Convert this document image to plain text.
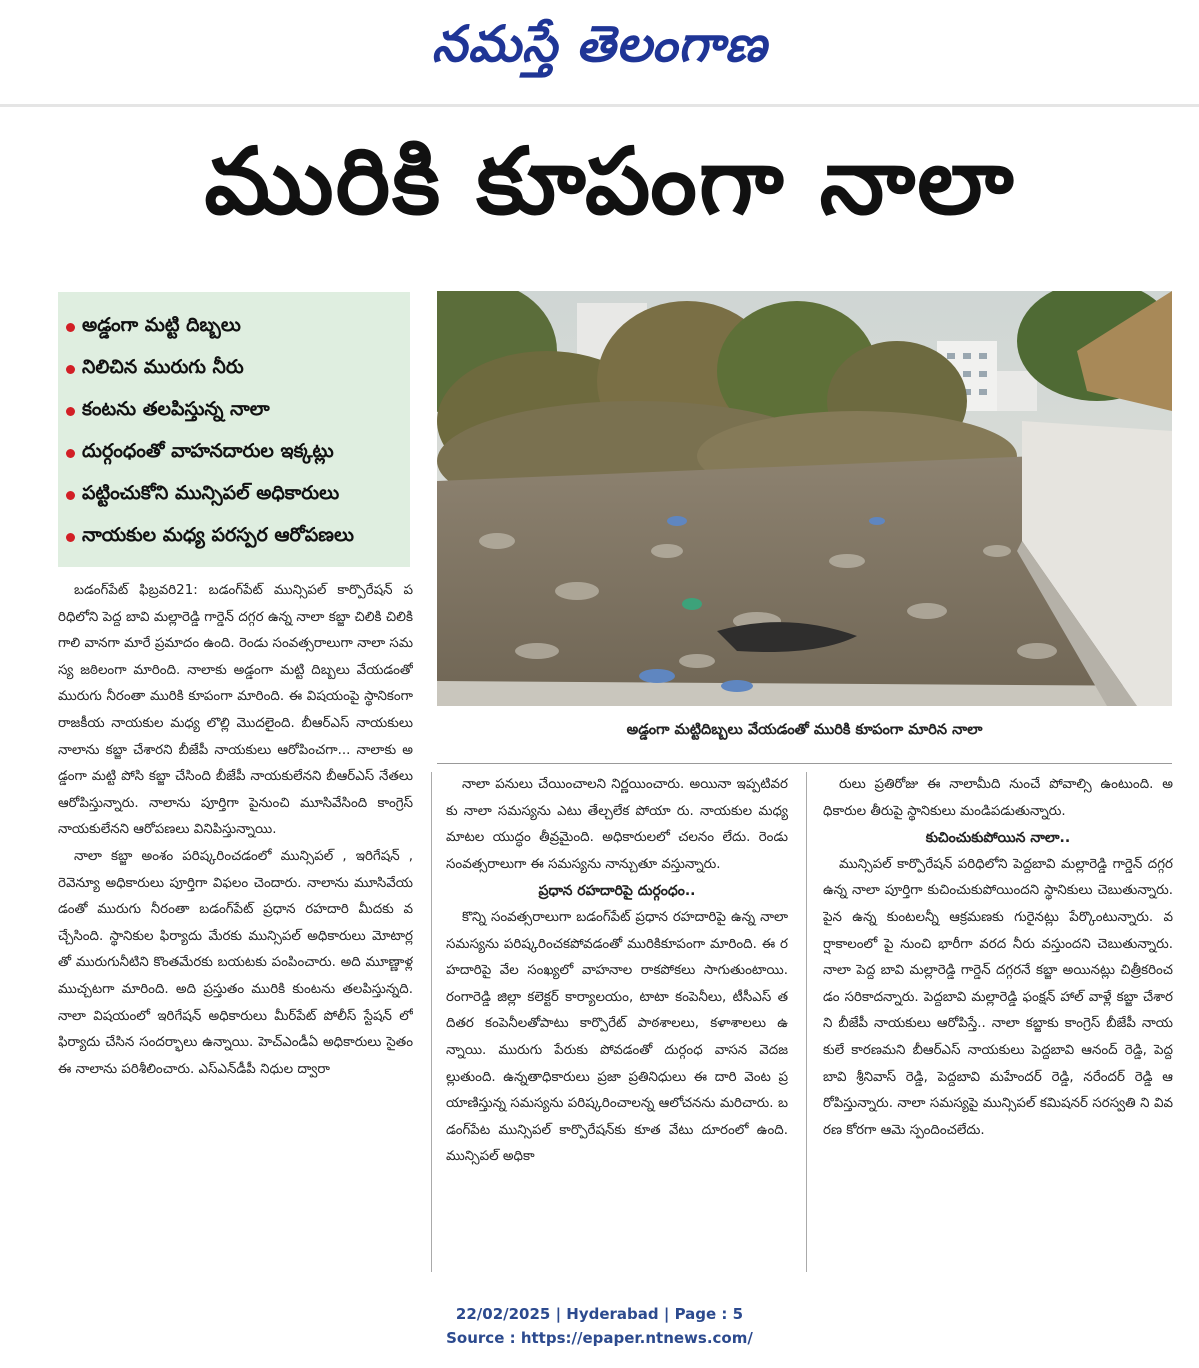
నమస్తే తెలంగాణ
మురికి కూపంగా నాలా
అడ్డంగా మట్టి దిబ్బలు
నిలిచిన మురుగు నీరు
కంటను తలపిస్తున్న నాలా
దుర్గంధంతో వాహనదారుల ఇక్కట్లు
పట్టించుకోని మున్సిపల్ అధికారులు
నాయకుల మధ్య పరస్పర ఆరోపణలు
అడ్డంగా మట్టిదిబ్బలు వేయడంతో మురికి కూపంగా మారిన నాలా

బడంగ్‌పేట్ ఫిబ్రవరి21: బడంగ్‌పేట్ మున్సిపల్ కార్పొరేషన్ పరిధిలోని పెద్ద బావి మల్లారెడ్డి గార్డెన్ దగ్గర ఉన్న నాలా కబ్జా చిలికి చిలికి గాలి వానగా మారే ప్రమాదం ఉంది. రెండు సంవత్సరాలుగా నాలా సమస్య జఠిలంగా మారింది. నాలాకు అడ్డంగా మట్టి దిబ్బలు వేయడంతో మురుగు నీరంతా మురికి కూపంగా మారింది. ఈ విషయంపై స్థానికంగా రాజకీయ నాయకుల మధ్య లొల్లి మొదలైంది. బీఆర్‌ఎస్ నాయకులు నాలాను కబ్జా చేశారని బీజేపీ నాయకులు ఆరోపించగా... నాలాకు అడ్డంగా మట్టి పోసి కబ్జా చేసింది బీజేపీ నాయకులేనని బీఆర్‌ఎస్ నేతలు ఆరోపిస్తున్నారు. నాలాను పూర్తిగా పైనుంచి మూసివేసింది కాంగ్రెస్ నాయకులేనని ఆరోపణలు వినిపిస్తున్నాయి.

నాలా కబ్జా అంశం పరిష్కరించడంలో మున్సిపల్ , ఇరిగేషన్ , రెవెన్యూ అధికారులు పూర్తిగా విఫలం చెందారు. నాలాను మూసివేయడంతో మురుగు నీరంతా బడంగ్‌పేట్ ప్రధాన రహదారి మీదకు వచ్చేసింది. స్థానికుల ఫిర్యాదు మేరకు మున్సిపల్ అధికారులు మోటార్లతో మురుగునీటిని కొంతమేరకు బయటకు పంపించారు. అది మూణ్ణాళ్ల ముచ్చటగా మారింది. అది ప్రస్తుతం మురికి కుంటను తలపిస్తున్నది. నాలా విషయంలో ఇరిగేషన్ అధికారులు మీర్‌పేట్ పోలీస్ స్టేషన్ లో ఫిర్యాదు చేసిన సందర్భాలు ఉన్నాయి. హెచ్‌ఎండీఏ అధికారులు సైతం ఈ నాలాను పరిశీలించారు. ఎస్‌ఎన్‌డీపీ నిధుల ద్వారా

నాలా పనులు చేయించాలని నిర్ణయించారు. అయినా ఇప్పటివరకు నాలా సమస్యను ఎటు తేల్చలేక పోయా రు. నాయకుల మధ్య మాటల యుద్ధం తీవ్రమైంది. అధికారులలో చలనం లేదు. రెండు సంవత్సరాలుగా ఈ సమస్యను నాన్చుతూ వస్తున్నారు.

ప్రధాన రహదారిపై దుర్గంధం..

కొన్ని సంవత్సరాలుగా బడంగ్‌పేట్ ప్రధాన రహదారిపై ఉన్న నాలా సమస్యను పరిష్కరించకపోవడంతో మురికికూపంగా మారింది. ఈ రహదారిపై వేల సంఖ్యలో వాహనాల రాకపోకలు సాగుతుంటాయి. రంగారెడ్డి జిల్లా కలెక్టర్ కార్యాలయం, టాటా కంపెనీలు, టీసీఎస్ తదితర కంపెనీలతోపాటు కార్పొరేట్ పాఠశాలలు, కళాశాలలు ఉన్నాయి. మురుగు పేరుకు పోవడంతో దుర్గంధ వాసన వెదజల్లుతుంది. ఉన్నతాధికారులు ప్రజా ప్రతినిధులు ఈ దారి వెంట ప్రయాణిస్తున్న సమస్యను పరిష్కరించాలన్న ఆలోచనను మరిచారు. బడంగ్‌పేట మున్సిపల్ కార్పొరేషన్‌కు కూత వేటు దూరంలో ఉంది. మున్సిపల్ అధికా

రులు ప్రతిరోజు ఈ నాలామీది నుంచే పోవాల్సి ఉంటుంది. అధికారుల తీరుపై స్థానికులు మండిపడుతున్నారు.

కుచించుకుపోయిన నాలా..

మున్సిపల్ కార్పొరేషన్ పరిధిలోని పెద్దబావి మల్లారెడ్డి గార్డెన్ దగ్గర ఉన్న నాలా పూర్తిగా కుచించుకుపోయిందని స్థానికులు చెబుతున్నారు. పైన ఉన్న కుంటలన్నీ ఆక్రమణకు గురైనట్లు పేర్కొంటున్నారు. వర్షాకాలంలో పై నుంచి భారీగా వరద నీరు వస్తుందని చెబుతున్నారు. నాలా పెద్ద బావి మల్లారెడ్డి గార్డెన్ దగ్గరనే కబ్జా అయినట్లు చిత్రీకరించడం సరికాదన్నారు. పెద్దబావి మల్లారెడ్డి ఫంక్షన్ హాల్ వాళ్లే కబ్జా చేశారని బీజేపీ నాయకులు ఆరోపిస్తే.. నాలా కబ్జాకు కాంగ్రెస్ బీజేపీ నాయకులే కారణమని బీఆర్‌ఎస్ నాయకులు పెద్దబావి ఆనంద్ రెడ్డి, పెద్ద బావి శ్రీనివాస్ రెడ్డి, పెద్దబావి మహేందర్ రెడ్డి, నరేందర్ రెడ్డి ఆరోపిస్తున్నారు. నాలా సమస్యపై మున్సిపల్ కమిషనర్ సరస్వతి ని వివరణ కోరగా ఆమె స్పందించలేదు.

22/02/2025 | Hyderabad | Page : 5
Source : https://epaper.ntnews.com/
